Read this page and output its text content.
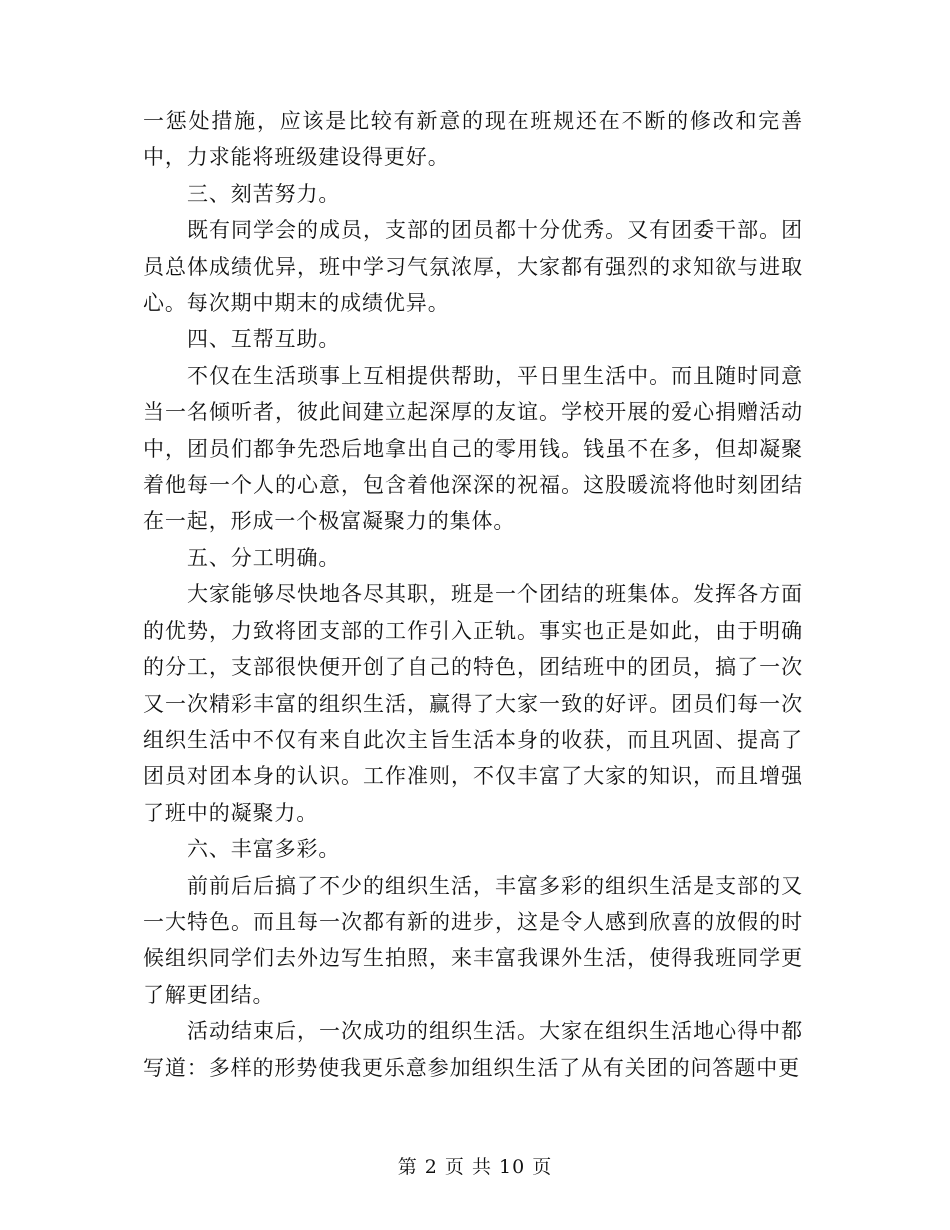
一惩处措施，应该是比较有新意的现在班规还在不断的修改和完善中，力求能将班级建设得更好。

三、刻苦努力。

既有同学会的成员，支部的团员都十分优秀。又有团委干部。团员总体成绩优异，班中学习气氛浓厚，大家都有强烈的求知欲与进取心。每次期中期末的成绩优异。

四、互帮互助。

不仅在生活琐事上互相提供帮助，平日里生活中。而且随时同意当一名倾听者，彼此间建立起深厚的友谊。学校开展的爱心捐赠活动中，团员们都争先恐后地拿出自己的零用钱。钱虽不在多，但却凝聚着他每一个人的心意，包含着他深深的祝福。这股暖流将他时刻团结在一起，形成一个极富凝聚力的集体。

五、分工明确。

大家能够尽快地各尽其职，班是一个团结的班集体。发挥各方面的优势，力致将团支部的工作引入正轨。事实也正是如此，由于明确的分工，支部很快便开创了自己的特色，团结班中的团员，搞了一次又一次精彩丰富的组织生活，赢得了大家一致的好评。团员们每一次组织生活中不仅有来自此次主旨生活本身的收获，而且巩固、提高了团员对团本身的认识。工作准则，不仅丰富了大家的知识，而且增强了班中的凝聚力。

六、丰富多彩。

前前后后搞了不少的组织生活，丰富多彩的组织生活是支部的又一大特色。而且每一次都有新的进步，这是令人感到欣喜的放假的时候组织同学们去外边写生拍照，来丰富我课外生活，使得我班同学更了解更团结。

活动结束后，一次成功的组织生活。大家在组织生活地心得中都写道：多样的形势使我更乐意参加组织生活了从有关团的问答题中更

第 2 页 共 10 页
